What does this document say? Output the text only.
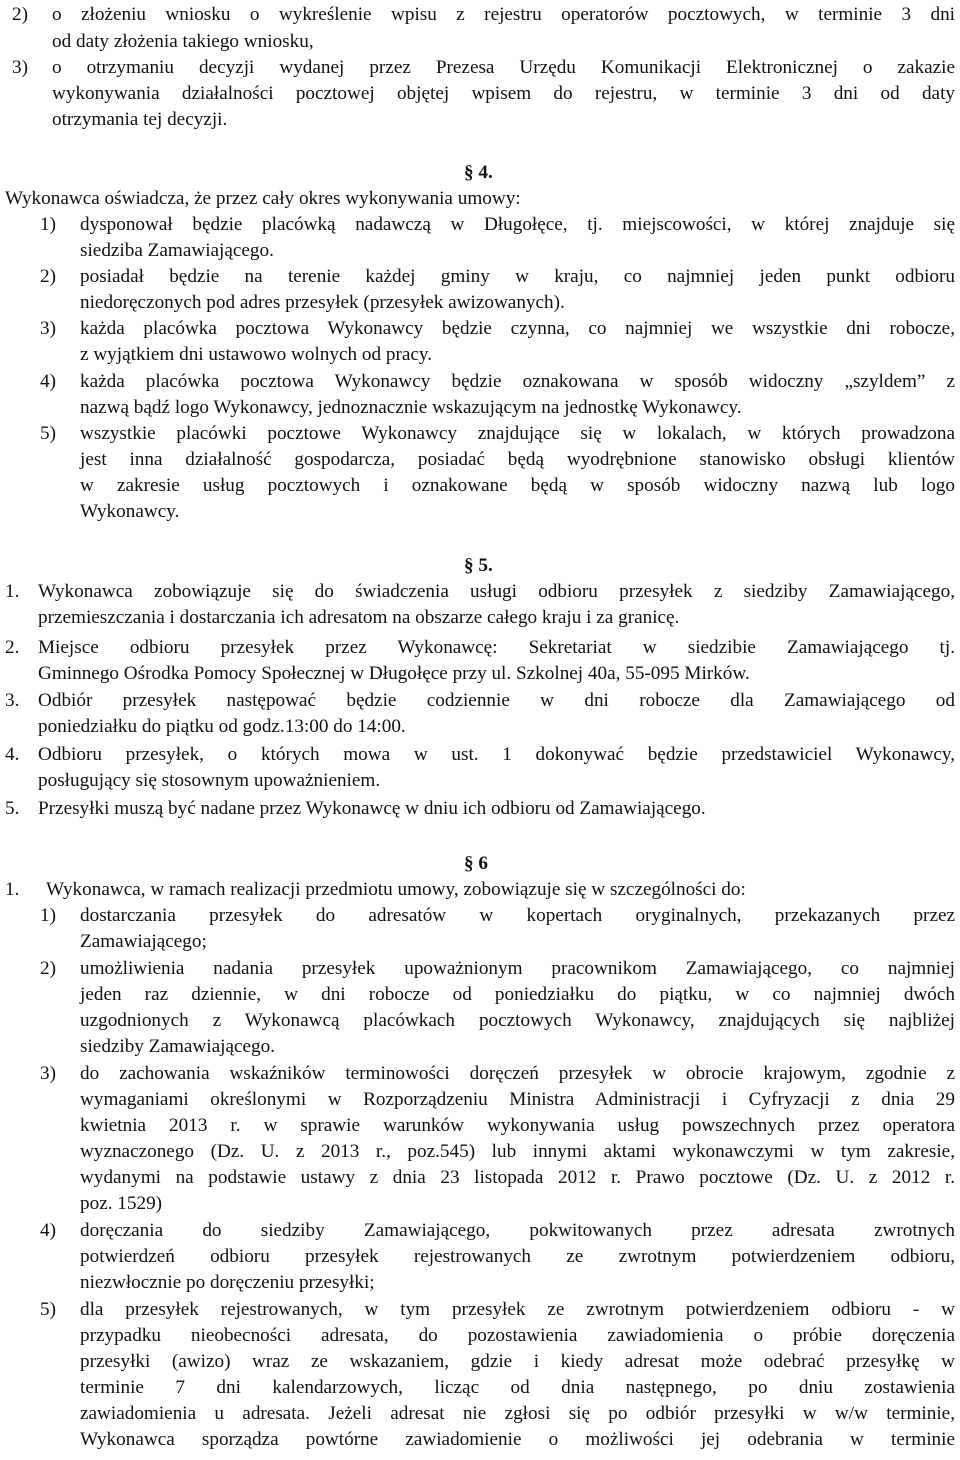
2) o złożeniu wniosku o wykreślenie wpisu z rejestru operatorów pocztowych, w terminie 3 dni
od daty złożenia takiego wniosku,
3) o otrzymaniu decyzji wydanej przez Prezesa Urzędu Komunikacji Elektronicznej o zakazie
wykonywania działalności pocztowej objętej wpisem do rejestru, w terminie 3 dni od daty
otrzymania tej decyzji.
§ 4.
Wykonawca oświadcza, że przez cały okres wykonywania umowy:
1) dysponował będzie placówką nadawczą w Długołęce, tj. miejscowości, w której znajduje się
siedziba Zamawiającego.
2) posiadał będzie na terenie każdej gminy w kraju, co najmniej jeden punkt odbioru
niedoręczonych pod adres przesyłek (przesyłek awizowanych).
3) każda placówka pocztowa Wykonawcy będzie czynna, co najmniej we wszystkie dni robocze,
z wyjątkiem dni ustawowo wolnych od pracy.
4) każda placówka pocztowa Wykonawcy będzie oznakowana w sposób widoczny „szyldem” z
nazwą bądź logo Wykonawcy, jednoznacznie wskazującym na jednostkę Wykonawcy.
5) wszystkie placówki pocztowe Wykonawcy znajdujące się w lokalach, w których prowadzona
jest inna działalność gospodarcza, posiadać będą wyodrębnione stanowisko obsługi klientów
w zakresie usług pocztowych i oznakowane będą w sposób widoczny nazwą lub logo
Wykonawcy.
§ 5.
1. Wykonawca zobowiązuje się do świadczenia usługi odbioru przesyłek z siedziby Zamawiającego,
przemieszczania i dostarczania ich adresatom na obszarze całego kraju i za granicę.
2. Miejsce odbioru przesyłek przez Wykonawcę: Sekretariat w siedzibie Zamawiającego tj.
Gminnego Ośrodka Pomocy Społecznej w Długołęce przy ul. Szkolnej 40a, 55-095 Mirków.
3. Odbiór przesyłek następować będzie codziennie w dni robocze dla Zamawiającego od
poniedziałku do piątku od godz.13:00 do 14:00.
4. Odbioru przesyłek, o których mowa w ust. 1 dokonywać będzie przedstawiciel Wykonawcy,
posługujący się stosownym upoważnieniem.
5. Przesyłki muszą być nadane przez Wykonawcę w dniu ich odbioru od Zamawiającego.
§ 6
1. Wykonawca, w ramach realizacji przedmiotu umowy, zobowiązuje się w szczególności do:
1) dostarczania przesyłek do adresatów w kopertach oryginalnych, przekazanych przez
Zamawiającego;
2) umożliwienia nadania przesyłek upoważnionym pracownikom Zamawiającego, co najmniej
jeden raz dziennie, w dni robocze od poniedziałku do piątku, w co najmniej dwóch
uzgodnionych z Wykonawcą placówkach pocztowych Wykonawcy, znajdujących się najbliżej
siedziby Zamawiającego.
3) do zachowania wskaźników terminowości doręczeń przesyłek w obrocie krajowym, zgodnie z
wymaganiami określonymi w Rozporządzeniu Ministra Administracji i Cyfryzacji z dnia 29
kwietnia 2013 r. w sprawie warunków wykonywania usług powszechnych przez operatora
wyznaczonego (Dz. U. z 2013 r., poz.545) lub innymi aktami wykonawczymi w tym zakresie,
wydanymi na podstawie ustawy z dnia 23 listopada 2012 r. Prawo pocztowe (Dz. U. z 2012 r.
poz. 1529)
4) doręczania do siedziby Zamawiającego, pokwitowanych przez adresata zwrotnych
potwierdzeń odbioru przesyłek rejestrowanych ze zwrotnym potwierdzeniem odbioru,
niezwłocznie po doręczeniu przesyłki;
5) dla przesyłek rejestrowanych, w tym przesyłek ze zwrotnym potwierdzeniem odbioru - w
przypadku nieobecności adresata, do pozostawienia zawiadomienia o próbie doręczenia
przesyłki (awizo) wraz ze wskazaniem, gdzie i kiedy adresat może odebrać przesyłkę w
terminie 7 dni kalendarzowych, licząc od dnia następnego, po dniu zostawienia
zawiadomienia u adresata. Jeżeli adresat nie zgłosi się po odbiór przesyłki w w/w terminie,
Wykonawca sporządza powtórne zawiadomienie o możliwości jej odebrania w terminie
